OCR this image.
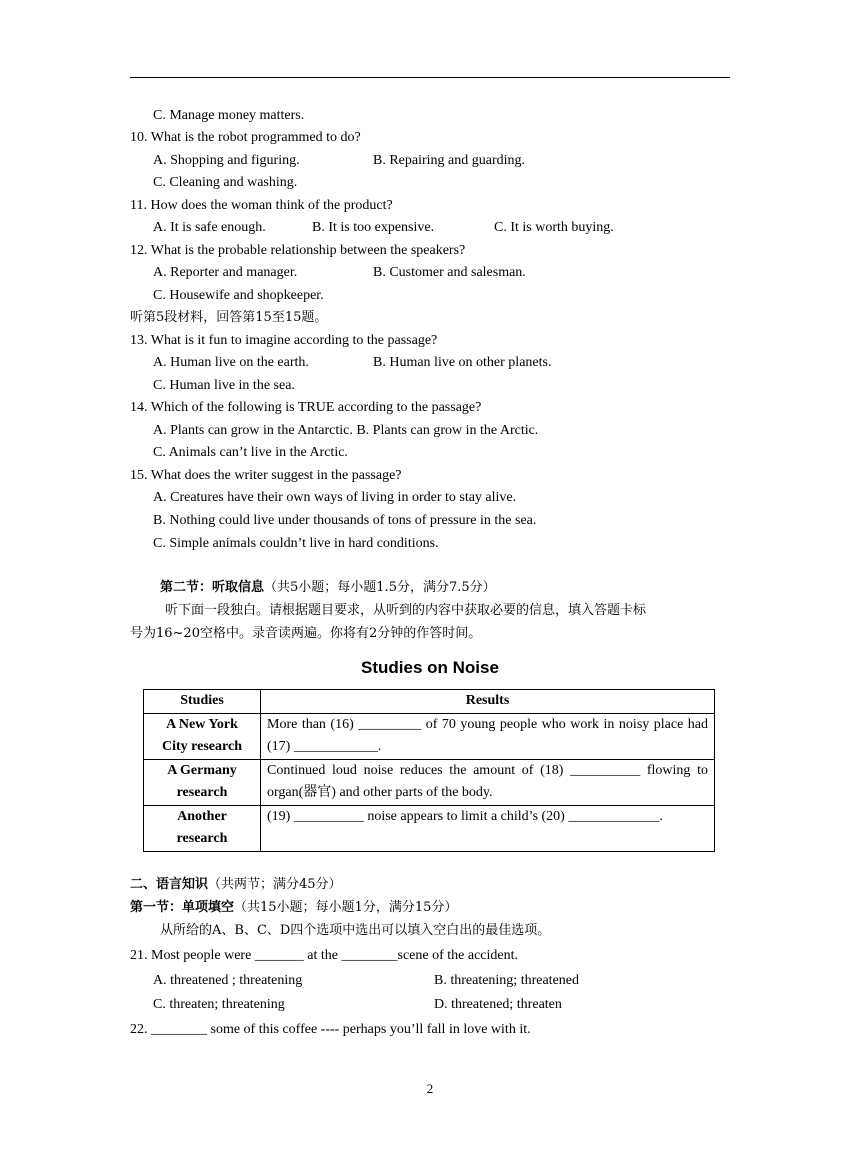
C. Manage money matters.
10. What is the robot programmed to do?
A. Shopping and figuring.	B. Repairing and guarding.
C. Cleaning and washing.
11. How does the woman think of the product?
A. It is safe enough.	B. It is too expensive.	C. It is worth buying.
12. What is the probable relationship between the speakers?
A. Reporter and manager.	B. Customer and salesman.
C. Housewife and shopkeeper.
听第5段材料，回答第15至15题。
13. What is it fun to imagine according to the passage?
A. Human live on the earth.	B. Human live on other planets.
C. Human live in the sea.
14. Which of the following is TRUE according to the passage?
A. Plants can grow in the Antarctic. B. Plants can grow in the Arctic.
C. Animals can’t live in the Arctic.
15. What does the writer suggest in the passage?
A. Creatures have their own ways of living in order to stay alive.
B. Nothing could live under thousands of tons of pressure in the sea.
C. Simple animals couldn’t live in hard conditions.
第二节：听取信息（共5小题；每小题1.5分，满分7.5分）
听下面一段独白。请根据题目要求，从听到的内容中获取必要的信息，填入答题卡标
号为16~20空格中。录音读两遍。你将有2分钟的作答时间。
Studies on Noise
Studies	Results
A New York
City research	More than (16) _________ of 70 young people who work in noisy place had (17) ____________.
A Germany
research	Continued loud noise reduces the amount of (18) __________ flowing to organ(器官) and other parts of the body.
Another
research	(19) __________ noise appears to limit a child’s (20) _____________.
二、语言知识（共两节；满分45分）
第一节：单项填空（共15小题；每小题1分，满分15分）
从所给的A、B、C、D四个选项中选出可以填入空白出的最佳选项。
21. Most people were _______ at the ________scene of the accident.
A. threatened ; threatening	B. threatening; threatened
C. threaten; threatening	D. threatened; threaten
22. ________ some of this coffee ---- perhaps you’ll fall in love with it.
2
